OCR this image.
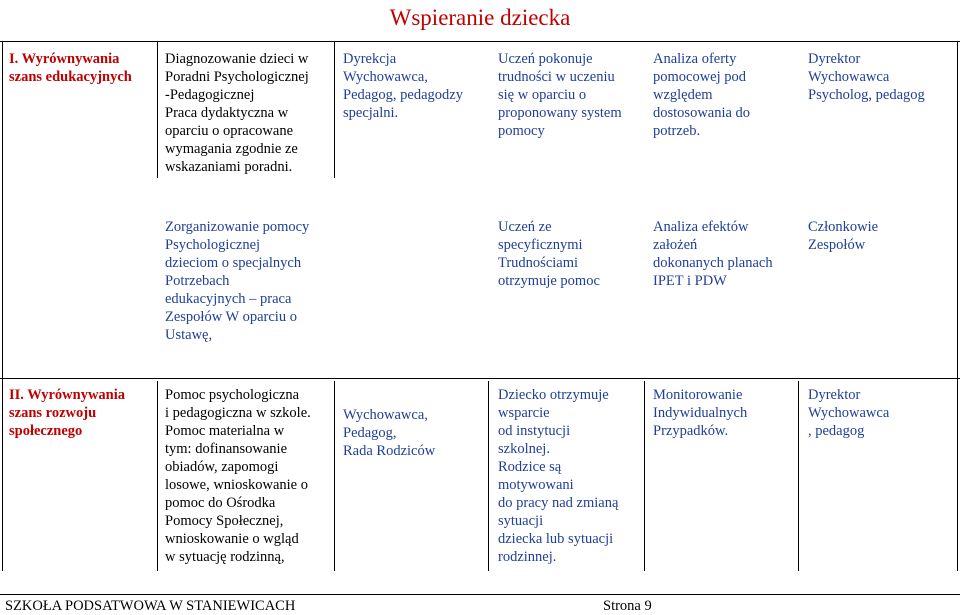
Wspieranie dziecka
I. Wyrównywania
szans edukacyjnych
Diagnozowanie dzieci w
Poradni Psychologicznej
-Pedagogicznej
Praca dydaktyczna w
oparciu o opracowane
wymagania zgodnie ze
wskazaniami poradni.
Dyrekcja
Wychowawca,
Pedagog, pedagodzy
specjalni.
Uczeń pokonuje
trudności w uczeniu
się w oparciu o
proponowany system
pomocy
Analiza oferty
pomocowej pod
względem
dostosowania do
potrzeb.
Dyrektor
Wychowawca
Psycholog, pedagog
Zorganizowanie pomocy
Psychologicznej
dzieciom o specjalnych
Potrzebach
edukacyjnych – praca
Zespołów W oparciu o
Ustawę,
Uczeń ze
specyficznymi
Trudnościami
otrzymuje pomoc
Analiza efektów
założeń
dokonanych planach
IPET i PDW
Członkowie
Zespołów
II. Wyrównywania
szans rozwoju
społecznego
Pomoc psychologiczna
i pedagogiczna w szkole.
Pomoc materialna w
tym: dofinansowanie
obiadów, zapomogi
losowe, wnioskowanie o
pomoc do Ośrodka
Pomocy Społecznej,
wnioskowanie o wgląd
w sytuację rodzinną,
Wychowawca,
Pedagog,
Rada Rodziców
Dziecko otrzymuje
wsparcie
od instytucji
szkolnej.
Rodzice są
motywowani
do pracy nad zmianą
sytuacji
dziecka lub sytuacji
rodzinnej.
Monitorowanie
Indywidualnych
Przypadków.
Dyrektor
Wychowawca
, pedagog
SZKOŁA PODSATWOWA W STANIEWICACH	Strona 9
